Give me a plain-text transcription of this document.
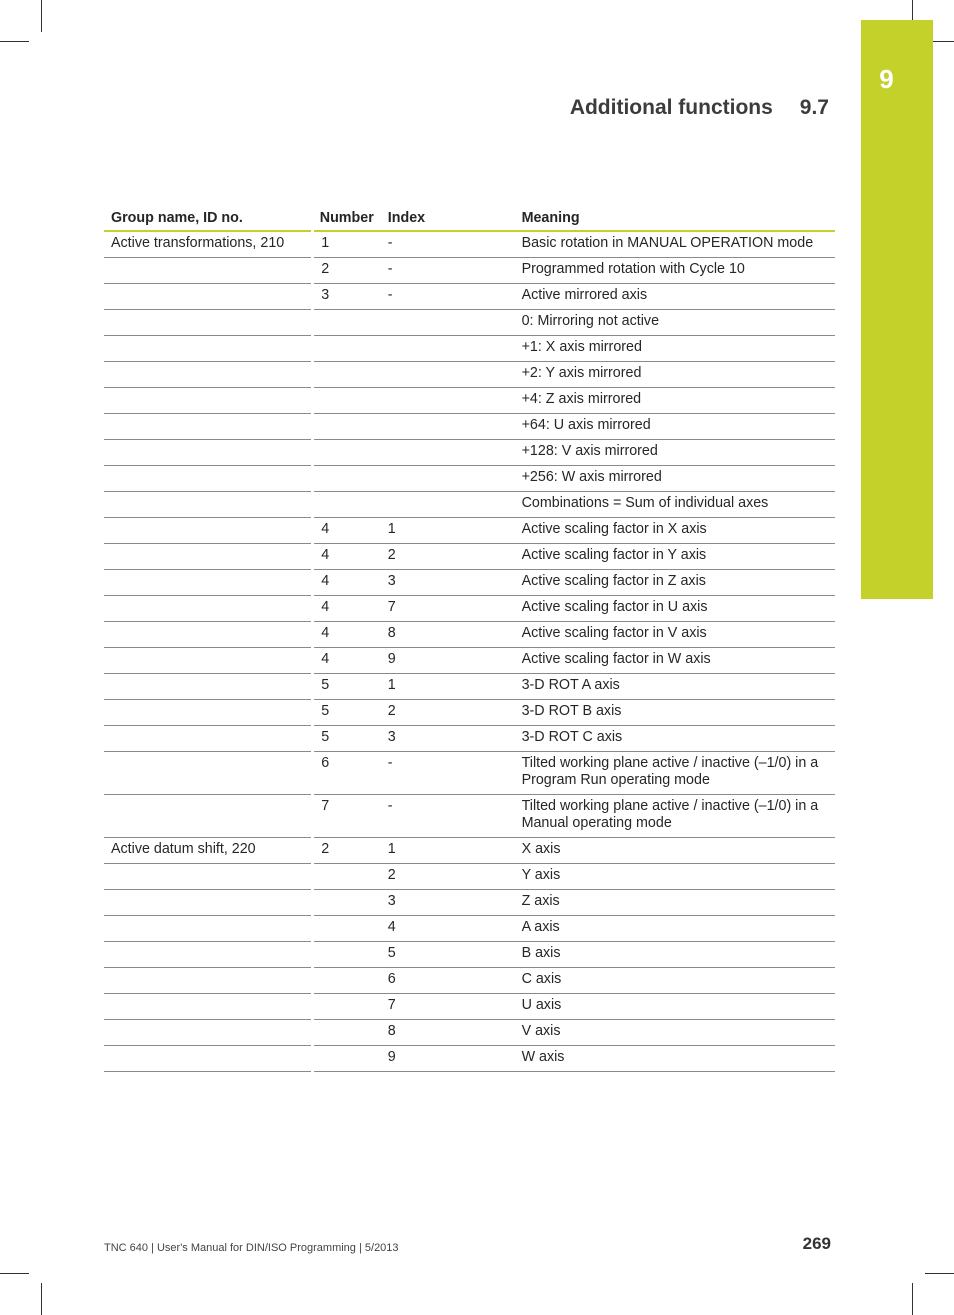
9
Additional functions 9.7
Group name, ID no.	Number	Index	Meaning
Active transformations, 210	1	-	Basic rotation in MANUAL OPERATION mode
	2	-	Programmed rotation with Cycle 10
	3	-	Active mirrored axis
			0: Mirroring not active
			+1: X axis mirrored
			+2: Y axis mirrored
			+4: Z axis mirrored
			+64: U axis mirrored
			+128: V axis mirrored
			+256: W axis mirrored
			Combinations = Sum of individual axes
	4	1	Active scaling factor in X axis
	4	2	Active scaling factor in Y axis
	4	3	Active scaling factor in Z axis
	4	7	Active scaling factor in U axis
	4	8	Active scaling factor in V axis
	4	9	Active scaling factor in W axis
	5	1	3-D ROT A axis
	5	2	3-D ROT B axis
	5	3	3-D ROT C axis
	6	-	Tilted working plane active / inactive (–1/0) in a Program Run operating mode
	7	-	Tilted working plane active / inactive (–1/0) in a Manual operating mode
Active datum shift, 220	2	1	X axis
		2	Y axis
		3	Z axis
		4	A axis
		5	B axis
		6	C axis
		7	U axis
		8	V axis
		9	W axis
TNC 640 | User's Manual for DIN/ISO Programming | 5/2013	269
